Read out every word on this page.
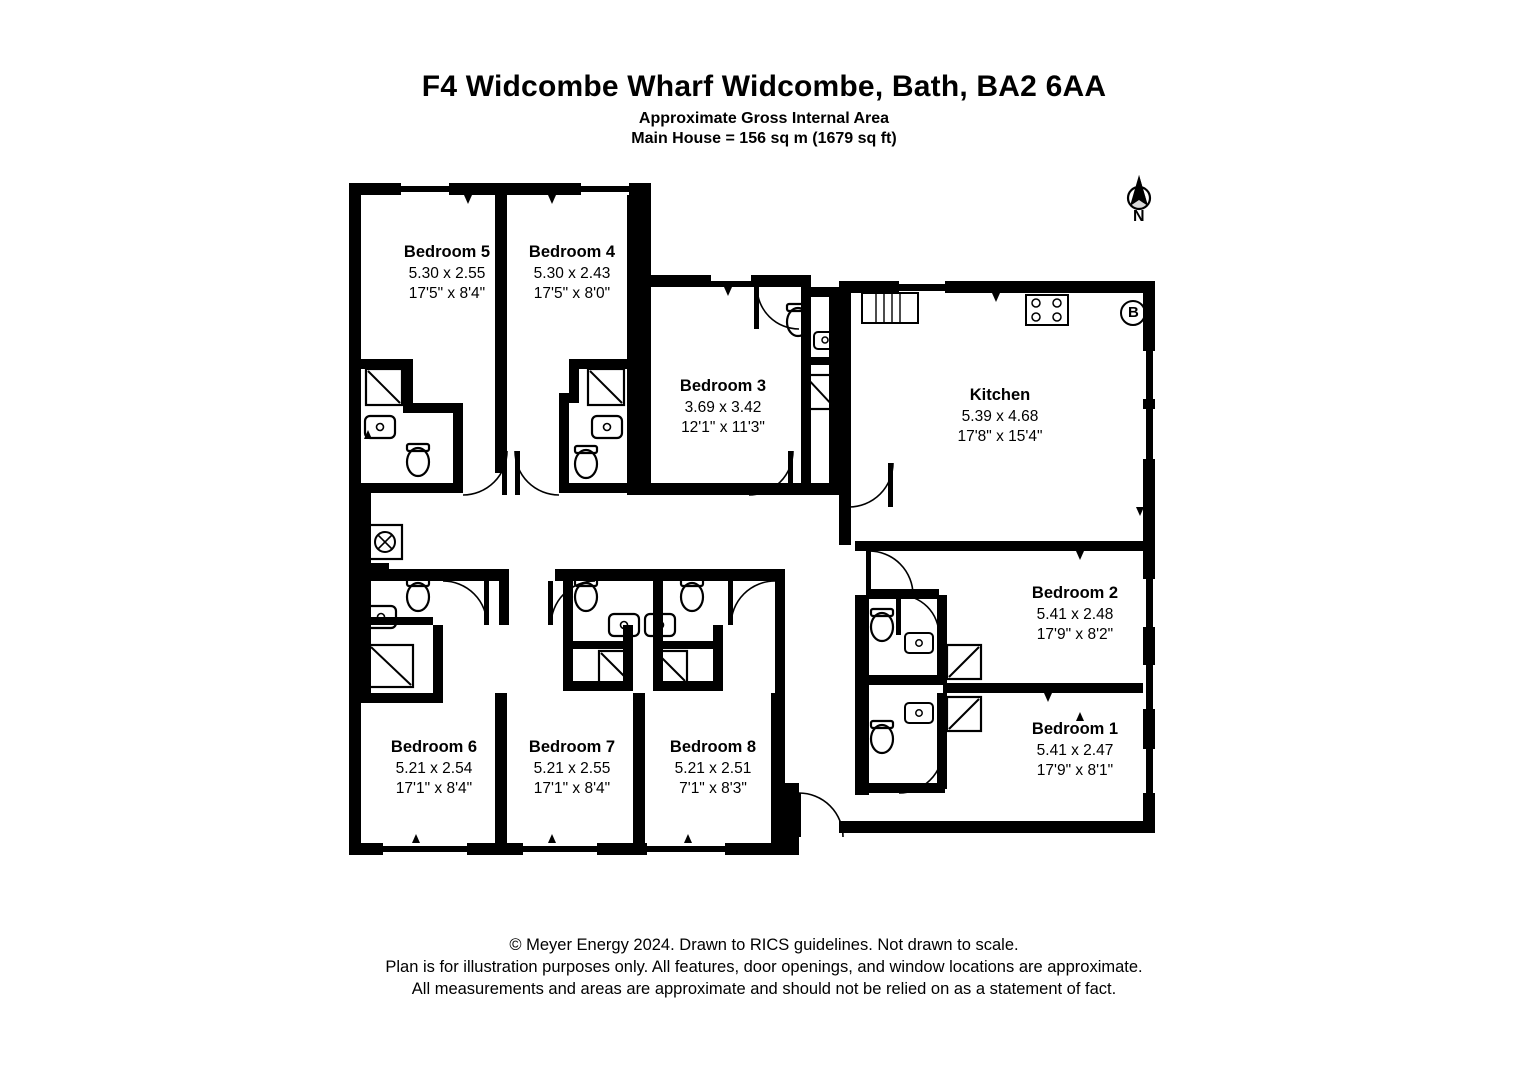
F4 Widcombe Wharf Widcombe, Bath, BA2 6AA
Approximate Gross Internal Area
Main House = 156 sq m (1679 sq ft)
Bedroom 5
5.30 x 2.55
17'5" x 8'4"
Bedroom 4
5.30 x 2.43
17'5" x 8'0"
Bedroom 3
3.69 x 3.42
12'1" x 11'3"
Kitchen
5.39 x 4.68
17'8" x 15'4"
Bedroom 2
5.41 x 2.48
17'9" x 8'2"
Bedroom 1
5.41 x 2.47
17'9" x 8'1"
Bedroom 6
5.21 x 2.54
17'1" x 8'4"
Bedroom 7
5.21 x 2.55
17'1" x 8'4"
Bedroom 8
5.21 x 2.51
7'1" x 8'3"
N
B
© Meyer Energy 2024. Drawn to RICS guidelines. Not drawn to scale.
Plan is for illustration purposes only. All features, door openings, and window locations are approximate.
All measurements and areas are approximate and should not be relied on as a statement of fact.
